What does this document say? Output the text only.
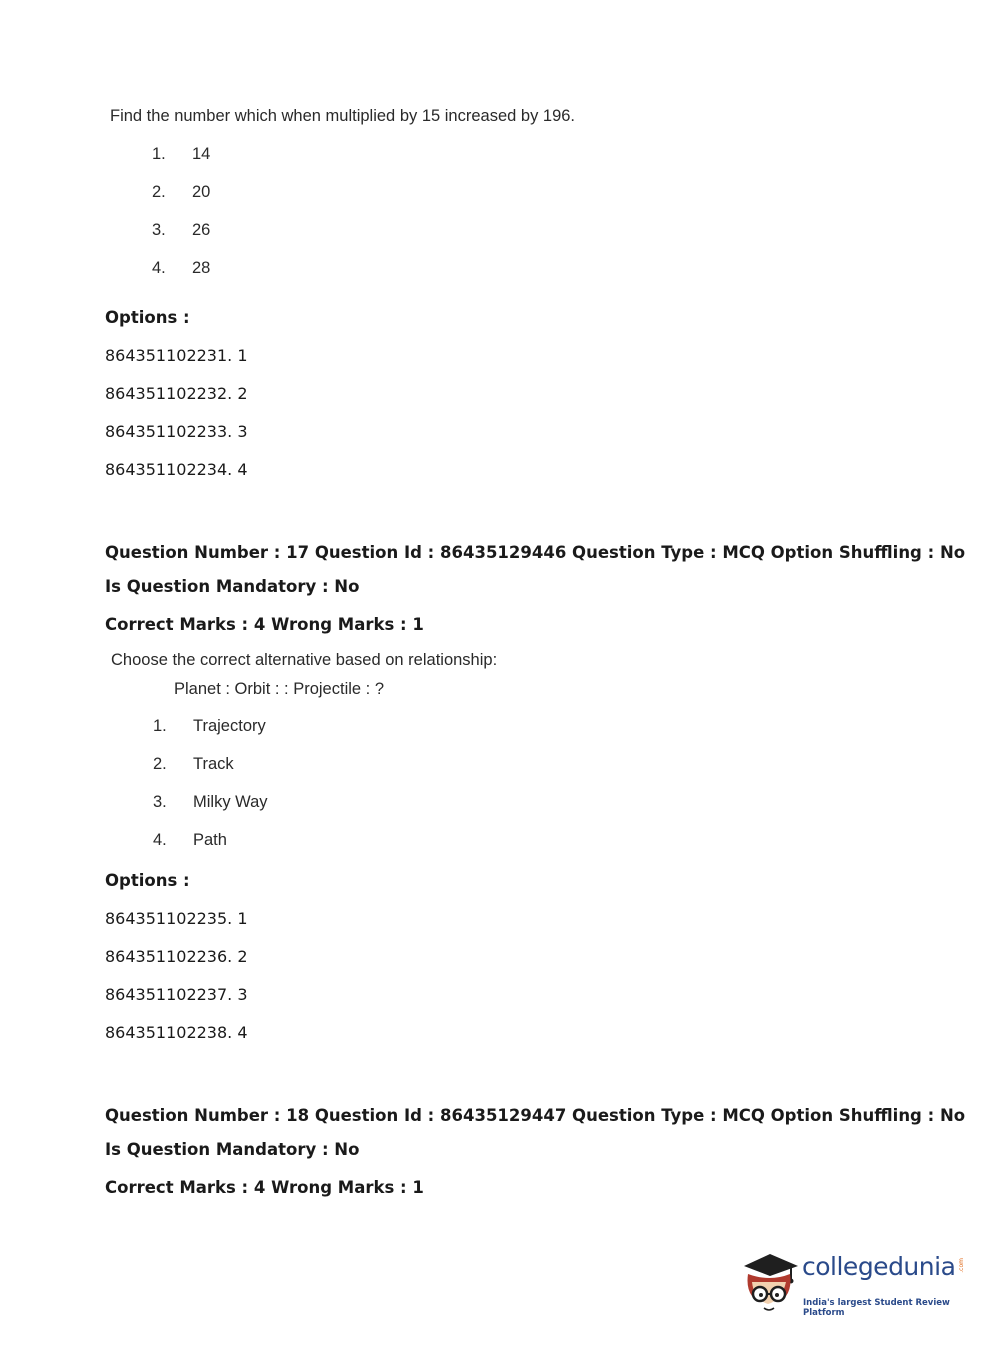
Find the number which when multiplied by 15 increased by 196.
1. 14
2. 20
3. 26
4. 28
Options :
864351102231. 1
864351102232. 2
864351102233. 3
864351102234. 4
Question Number : 17 Question Id : 86435129446 Question Type : MCQ Option Shuffling : No
Is Question Mandatory : No
Correct Marks : 4 Wrong Marks : 1
Choose the correct alternative based on relationship:
Planet : Orbit : : Projectile : ?
1. Trajectory
2. Track
3. Milky Way
4. Path
Options :
864351102235. 1
864351102236. 2
864351102237. 3
864351102238. 4
Question Number : 18 Question Id : 86435129447 Question Type : MCQ Option Shuffling : No
Is Question Mandatory : No
Correct Marks : 4 Wrong Marks : 1
collegedunia .com
India's largest Student Review Platform
